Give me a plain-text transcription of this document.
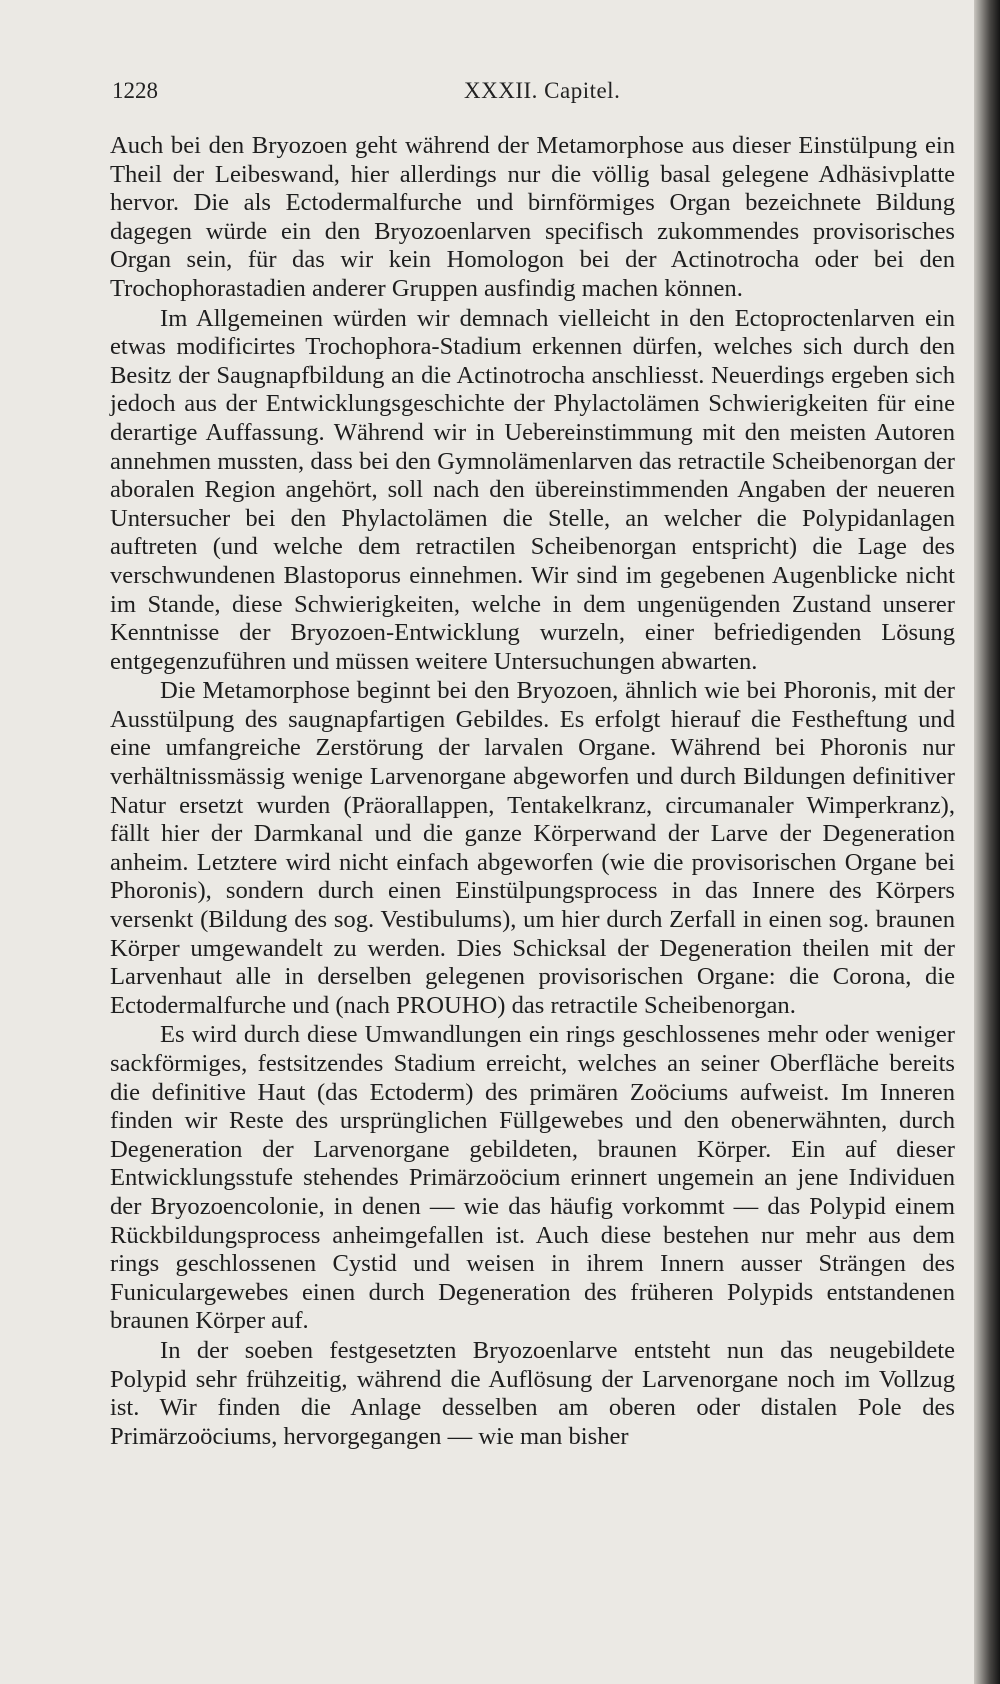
1228	XXXII. Capitel.

Auch bei den Bryozoen geht während der Metamorphose aus dieser Einstülpung ein Theil der Leibeswand, hier allerdings nur die völlig basal gelegene Adhäsivplatte hervor. Die als Ectodermalfurche und birnförmiges Organ bezeichnete Bildung dagegen würde ein den Bryozoenlarven specifisch zukommendes provisorisches Organ sein, für das wir kein Homologon bei der Actinotrocha oder bei den Trochophorastadien anderer Gruppen ausfindig machen können.

Im Allgemeinen würden wir demnach vielleicht in den Ectoproctenlarven ein etwas modificirtes Trochophora-Stadium erkennen dürfen, welches sich durch den Besitz der Saugnapfbildung an die Actinotrocha anschliesst. Neuerdings ergeben sich jedoch aus der Entwicklungsgeschichte der Phylactolämen Schwierigkeiten für eine derartige Auffassung. Während wir in Uebereinstimmung mit den meisten Autoren annehmen mussten, dass bei den Gymnolämenlarven das retractile Scheibenorgan der aboralen Region angehört, soll nach den übereinstimmenden Angaben der neueren Untersucher bei den Phylactolämen die Stelle, an welcher die Polypidanlagen auftreten (und welche dem retractilen Scheibenorgan entspricht) die Lage des verschwundenen Blastoporus einnehmen. Wir sind im gegebenen Augenblicke nicht im Stande, diese Schwierigkeiten, welche in dem ungenügenden Zustand unserer Kenntnisse der Bryozoen-Entwicklung wurzeln, einer befriedigenden Lösung entgegenzuführen und müssen weitere Untersuchungen abwarten.

Die Metamorphose beginnt bei den Bryozoen, ähnlich wie bei Phoronis, mit der Ausstülpung des saugnapfartigen Gebildes. Es erfolgt hierauf die Festheftung und eine umfangreiche Zerstörung der larvalen Organe. Während bei Phoronis nur verhältnissmässig wenige Larvenorgane abgeworfen und durch Bildungen definitiver Natur ersetzt wurden (Präorallappen, Tentakelkranz, circumanaler Wimperkranz), fällt hier der Darmkanal und die ganze Körperwand der Larve der Degeneration anheim. Letztere wird nicht einfach abgeworfen (wie die provisorischen Organe bei Phoronis), sondern durch einen Einstülpungsprocess in das Innere des Körpers versenkt (Bildung des sog. Vestibulums), um hier durch Zerfall in einen sog. braunen Körper umgewandelt zu werden. Dies Schicksal der Degeneration theilen mit der Larvenhaut alle in derselben gelegenen provisorischen Organe: die Corona, die Ectodermalfurche und (nach PROUHO) das retractile Scheibenorgan.

Es wird durch diese Umwandlungen ein rings geschlossenes mehr oder weniger sackförmiges, festsitzendes Stadium erreicht, welches an seiner Oberfläche bereits die definitive Haut (das Ectoderm) des primären Zoöciums aufweist. Im Inneren finden wir Reste des ursprünglichen Füllgewebes und den obenerwähnten, durch Degeneration der Larvenorgane gebildeten, braunen Körper. Ein auf dieser Entwicklungsstufe stehendes Primärzoöcium erinnert ungemein an jene Individuen der Bryozoencolonie, in denen — wie das häufig vorkommt — das Polypid einem Rückbildungsprocess anheimgefallen ist. Auch diese bestehen nur mehr aus dem rings geschlossenen Cystid und weisen in ihrem Innern ausser Strängen des Funiculargewebes einen durch Degeneration des früheren Polypids entstandenen braunen Körper auf.

In der soeben festgesetzten Bryozoenlarve entsteht nun das neugebildete Polypid sehr frühzeitig, während die Auflösung der Larvenorgane noch im Vollzug ist. Wir finden die Anlage desselben am oberen oder distalen Pole des Primärzoöciums, hervorgegangen — wie man bisher
